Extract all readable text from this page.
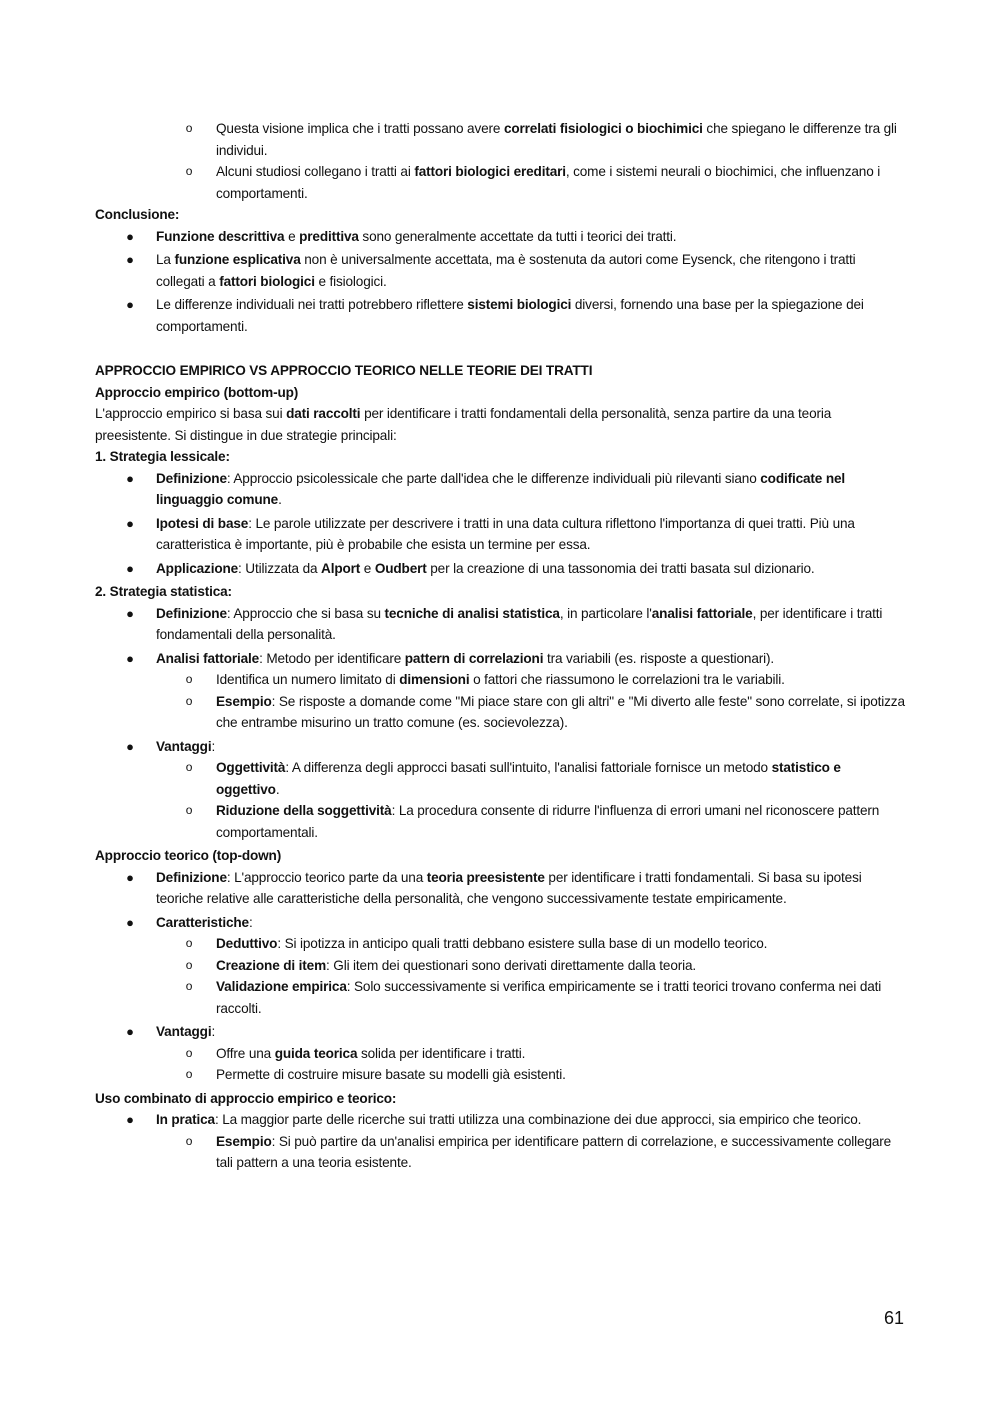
o	Questa visione implica che i tratti possano avere correlati fisiologici o biochimici che spiegano le differenze tra gli individui.
o	Alcuni studiosi collegano i tratti ai fattori biologici ereditari, come i sistemi neurali o biochimici, che influenzano i comportamenti.

Conclusione:

●	Funzione descrittiva e predittiva sono generalmente accettate da tutti i teorici dei tratti.
●	La funzione esplicativa non è universalmente accettata, ma è sostenuta da autori come Eysenck, che ritengono i tratti collegati a fattori biologici e fisiologici.
●	Le differenze individuali nei tratti potrebbero riflettere sistemi biologici diversi, fornendo una base per la spiegazione dei comportamenti.

APPROCCIO EMPIRICO VS APPROCCIO TEORICO NELLE TEORIE DEI TRATTI

Approccio empirico (bottom-up)

L'approccio empirico si basa sui dati raccolti per identificare i tratti fondamentali della personalità, senza partire da una teoria preesistente. Si distingue in due strategie principali:

1. Strategia lessicale:

●	Definizione: Approccio psicolessicale che parte dall'idea che le differenze individuali più rilevanti siano codificate nel linguaggio comune.
●	Ipotesi di base: Le parole utilizzate per descrivere i tratti in una data cultura riflettono l'importanza di quei tratti. Più una caratteristica è importante, più è probabile che esista un termine per essa.
●	Applicazione: Utilizzata da Alport e Oudbert per la creazione di una tassonomia dei tratti basata sul dizionario.

2. Strategia statistica:

●	Definizione: Approccio che si basa su tecniche di analisi statistica, in particolare l'analisi fattoriale, per identificare i tratti fondamentali della personalità.
●	Analisi fattoriale: Metodo per identificare pattern di correlazioni tra variabili (es. risposte a questionari).
o	Identifica un numero limitato di dimensioni o fattori che riassumono le correlazioni tra le variabili.
o	Esempio: Se risposte a domande come "Mi piace stare con gli altri" e "Mi diverto alle feste" sono correlate, si ipotizza che entrambe misurino un tratto comune (es. socievolezza).
●	Vantaggi:
o	Oggettività: A differenza degli approcci basati sull'intuito, l'analisi fattoriale fornisce un metodo statistico e oggettivo.
o	Riduzione della soggettività: La procedura consente di ridurre l'influenza di errori umani nel riconoscere pattern comportamentali.

Approccio teorico (top-down)

●	Definizione: L'approccio teorico parte da una teoria preesistente per identificare i tratti fondamentali. Si basa su ipotesi teoriche relative alle caratteristiche della personalità, che vengono successivamente testate empiricamente.
●	Caratteristiche:
o	Deduttivo: Si ipotizza in anticipo quali tratti debbano esistere sulla base di un modello teorico.
o	Creazione di item: Gli item dei questionari sono derivati direttamente dalla teoria.
o	Validazione empirica: Solo successivamente si verifica empiricamente se i tratti teorici trovano conferma nei dati raccolti.
●	Vantaggi:
o	Offre una guida teorica solida per identificare i tratti.
o	Permette di costruire misure basate su modelli già esistenti.

Uso combinato di approccio empirico e teorico:

●	In pratica: La maggior parte delle ricerche sui tratti utilizza una combinazione dei due approcci, sia empirico che teorico.
o	Esempio: Si può partire da un'analisi empirica per identificare pattern di correlazione, e successivamente collegare tali pattern a una teoria esistente.
61
